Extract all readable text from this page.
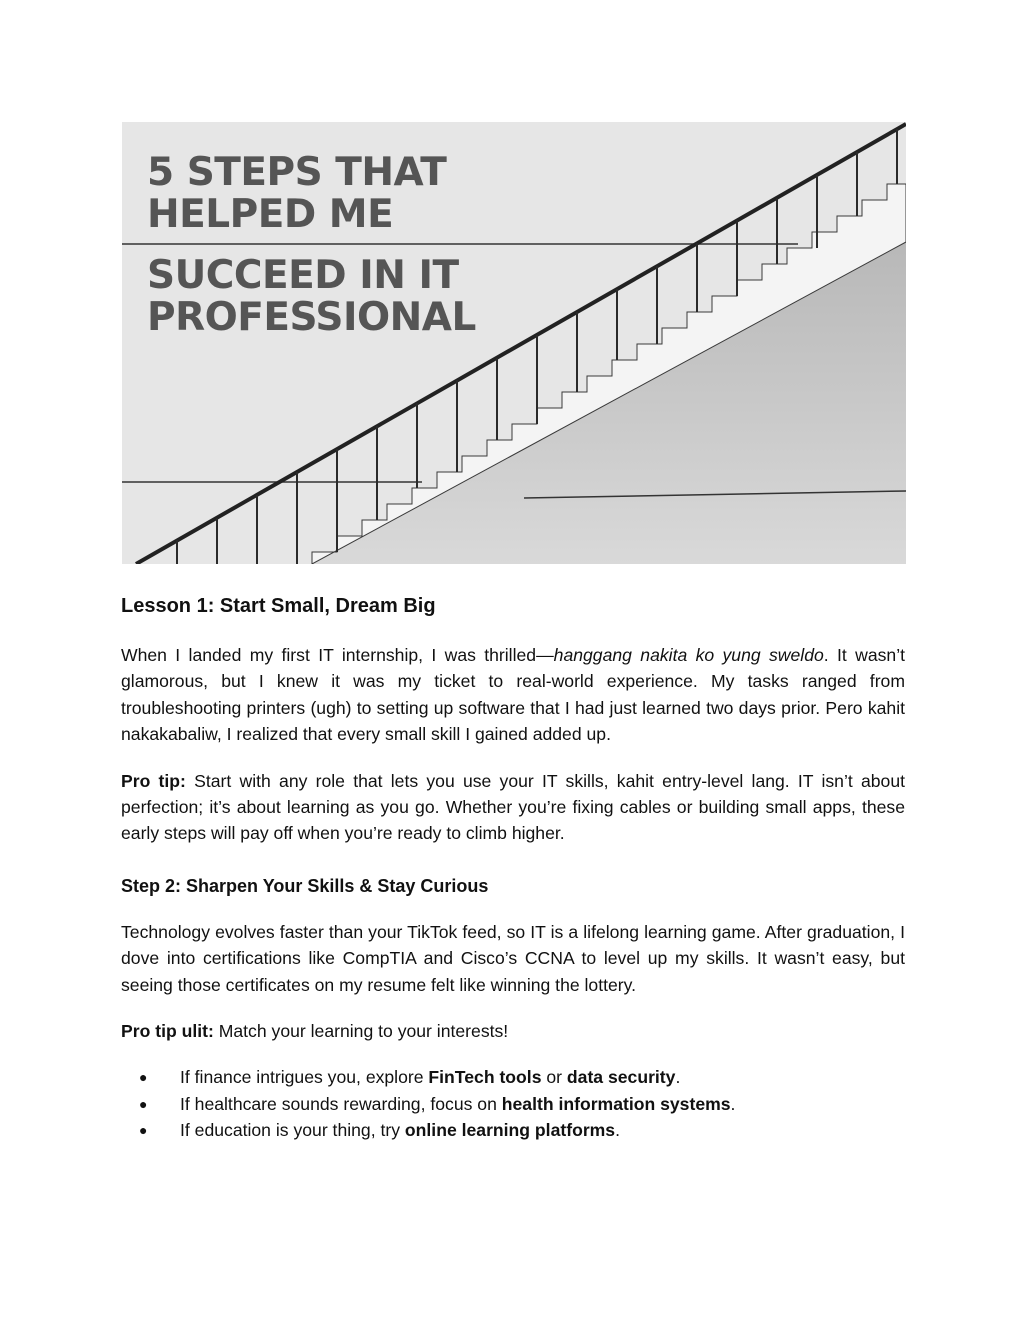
5 STEPS THAT
HELPED ME
SUCCEED IN IT
PROFESSIONAL
Lesson 1: Start Small, Dream Big

When I landed my first IT internship, I was thrilled—hanggang nakita ko yung sweldo. It wasn’t glamorous, but I knew it was my ticket to real-world experience. My tasks ranged from troubleshooting printers (ugh) to setting up software that I had just learned two days prior. Pero kahit nakakabaliw, I realized that every small skill I gained added up.

Pro tip: Start with any role that lets you use your IT skills, kahit entry-level lang. IT isn’t about perfection; it’s about learning as you go. Whether you’re fixing cables or building small apps, these early steps will pay off when you’re ready to climb higher.

Step 2: Sharpen Your Skills & Stay Curious

Technology evolves faster than your TikTok feed, so IT is a lifelong learning game. After graduation, I dove into certifications like CompTIA and Cisco’s CCNA to level up my skills. It wasn’t easy, but seeing those certificates on my resume felt like winning the lottery.

Pro tip ulit: Match your learning to your interests!

● If finance intrigues you, explore FinTech tools or data security.
● If healthcare sounds rewarding, focus on health information systems.
● If education is your thing, try online learning platforms.
